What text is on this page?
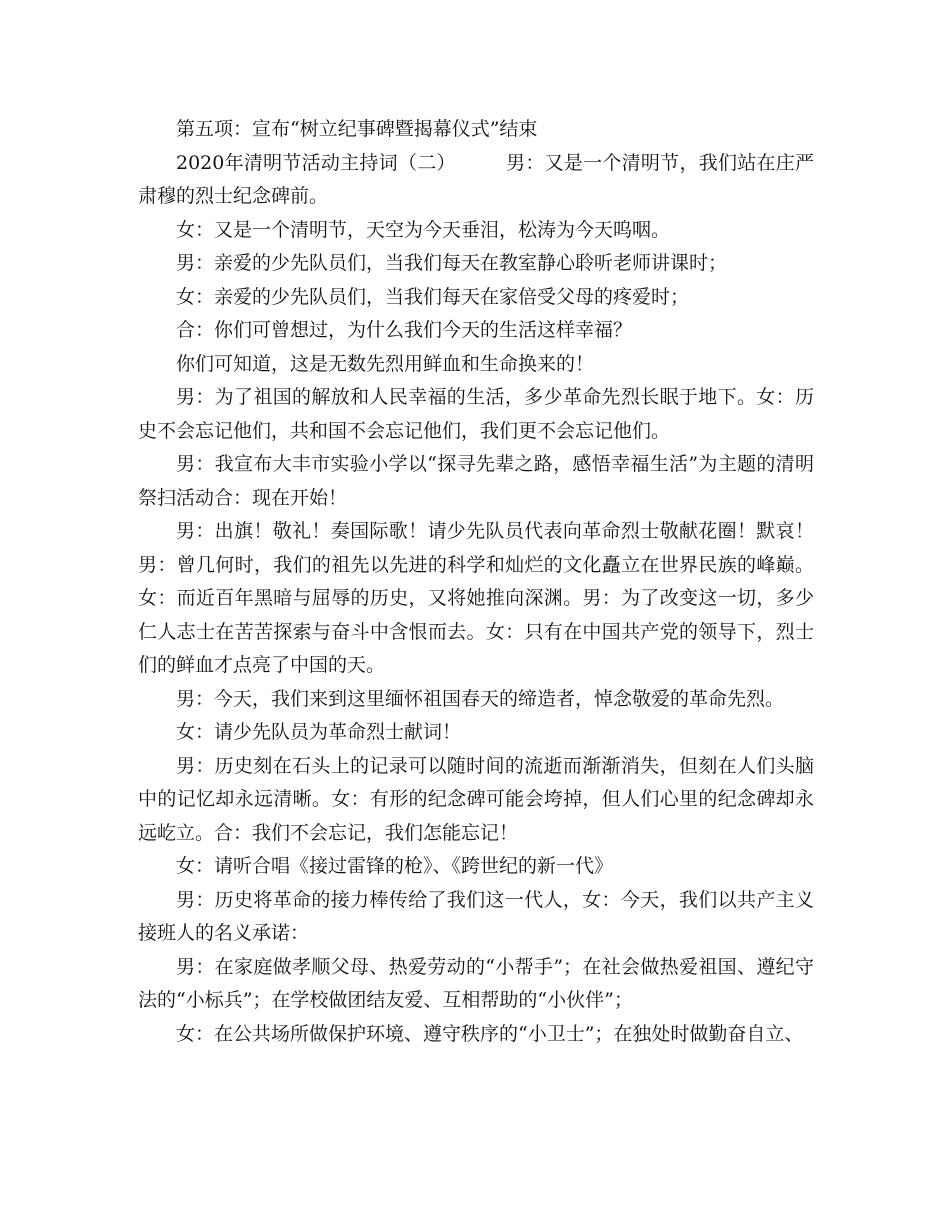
第五项：宣布“树立纪事碑暨揭幕仪式”结束

2020年清明节活动主持词（二）        男：又是一个清明节，我们站在庄严肃穆的烈士纪念碑前。

女：又是一个清明节，天空为今天垂泪，松涛为今天呜咽。

男：亲爱的少先队员们，当我们每天在教室静心聆听老师讲课时；

女：亲爱的少先队员们，当我们每天在家倍受父母的疼爱时；

合：你们可曾想过，为什么我们今天的生活这样幸福？

你们可知道，这是无数先烈用鲜血和生命换来的！

男：为了祖国的解放和人民幸福的生活，多少革命先烈长眠于地下。女：历史不会忘记他们，共和国不会忘记他们，我们更不会忘记他们。

男：我宣布大丰市实验小学以“探寻先辈之路，感悟幸福生活”为主题的清明祭扫活动合：现在开始！

男：出旗！敬礼！奏国际歌！请少先队员代表向革命烈士敬献花圈！默哀！男：曾几何时，我们的祖先以先进的科学和灿烂的文化矗立在世界民族的峰巅。女：而近百年黑暗与屈辱的历史，又将她推向深渊。男：为了改变这一切，多少仁人志士在苦苦探索与奋斗中含恨而去。女：只有在中国共产党的领导下，烈士们的鲜血才点亮了中国的天。

男：今天，我们来到这里缅怀祖国春天的缔造者，悼念敬爱的革命先烈。

女：请少先队员为革命烈士献词！

男：历史刻在石头上的记录可以随时间的流逝而渐渐消失，但刻在人们头脑中的记忆却永远清晰。女：有形的纪念碑可能会垮掉，但人们心里的纪念碑却永远屹立。合：我们不会忘记，我们怎能忘记！

女：请听合唱《接过雷锋的枪》、《跨世纪的新一代》

男：历史将革命的接力棒传给了我们这一代人，女：今天，我们以共产主义接班人的名义承诺：

男：在家庭做孝顺父母、热爱劳动的“小帮手”；在社会做热爱祖国、遵纪守法的“小标兵”；在学校做团结友爱、互相帮助的“小伙伴”；

女：在公共场所做保护环境、遵守秩序的“小卫士”；在独处时做勤奋自立、
